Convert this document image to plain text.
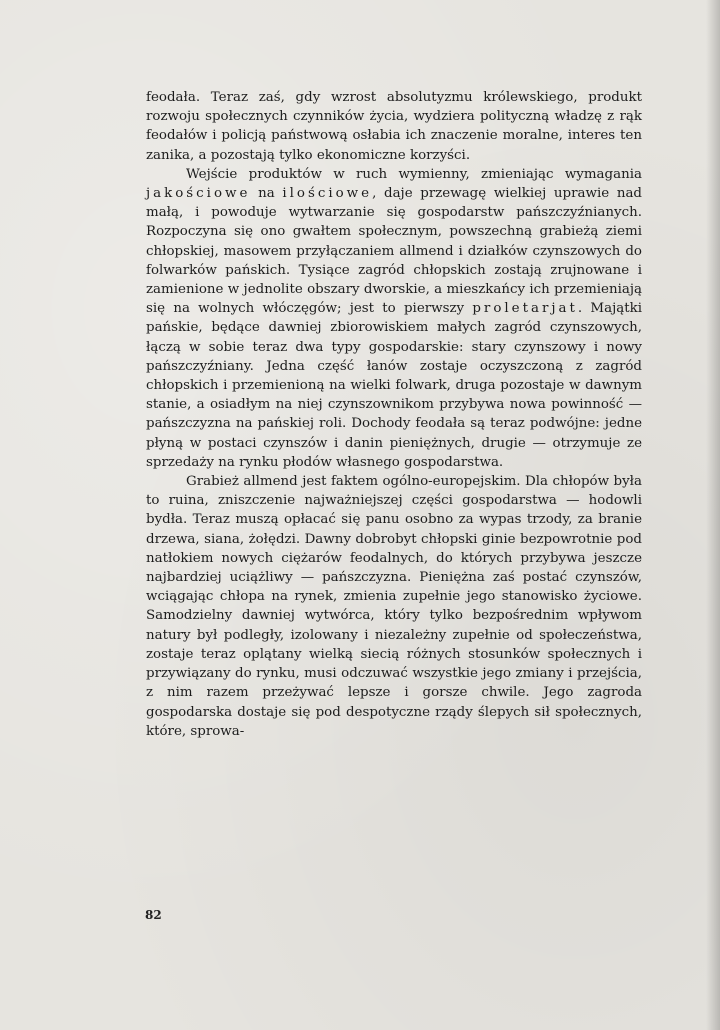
feodała. Teraz zaś, gdy wzrost absolutyzmu królewskiego, produkt rozwoju społecznych czynników życia, wydziera polityczną władzę z rąk feodałów i policją państwową osłabia ich znaczenie moralne, interes ten zanika, a pozostają tylko ekonomiczne korzyści.

Wejście produktów w ruch wymienny, zmieniając wymagania jakościowe na ilościowe, daje przewagę wielkiej uprawie nad małą, i powoduje wytwarzanie się gospodarstw pańszczyźnianych. Rozpoczyna się ono gwałtem społecznym, powszechną grabieżą ziemi chłopskiej, masowem przyłączaniem allmend i działków czynszowych do folwarków pańskich. Tysiące zagród chłopskich zostają zrujnowane i zamienione w jednolite obszary dworskie, a mieszkańcy ich przemieniają się na wolnych włóczęgów; jest to pierwszy proletarjat. Majątki pańskie, będące dawniej zbiorowiskiem małych zagród czynszowych, łączą w sobie teraz dwa typy gospodarskie: stary czynszowy i nowy pańszczyźniany. Jedna część łanów zostaje oczyszczoną z zagród chłopskich i przemienioną na wielki folwark, druga pozostaje w dawnym stanie, a osiadłym na niej czynszownikom przybywa nowa powinność — pańszczyzna na pańskiej roli. Dochody feodała są teraz podwójne: jedne płyną w postaci czynszów i danin pieniężnych, drugie — otrzymuje ze sprzedaży na rynku płodów własnego gospodarstwa.

Grabież allmend jest faktem ogólno-europejskim. Dla chłopów była to ruina, zniszczenie najważniejszej części gospodarstwa — hodowli bydła. Teraz muszą opłacać się panu osobno za wypas trzody, za branie drzewa, siana, żołędzi. Dawny dobrobyt chłopski ginie bezpowrotnie pod natłokiem nowych ciężarów feodalnych, do których przybywa jeszcze najbardziej uciążliwy — pańszczyzna. Pieniężna zaś postać czynszów, wciągając chłopa na rynek, zmienia zupełnie jego stanowisko życiowe. Samodzielny dawniej wytwórca, który tylko bezpośrednim wpływom natury był podległy, izolowany i niezależny zupełnie od społeczeństwa, zostaje teraz oplątany wielką siecią różnych stosunków społecznych i przywiązany do rynku, musi odczuwać wszystkie jego zmiany i przejścia, z nim razem przeżywać lepsze i gorsze chwile. Jego zagroda gospodarska dostaje się pod despotyczne rządy ślepych sił społecznych, które, sprowa-

82
